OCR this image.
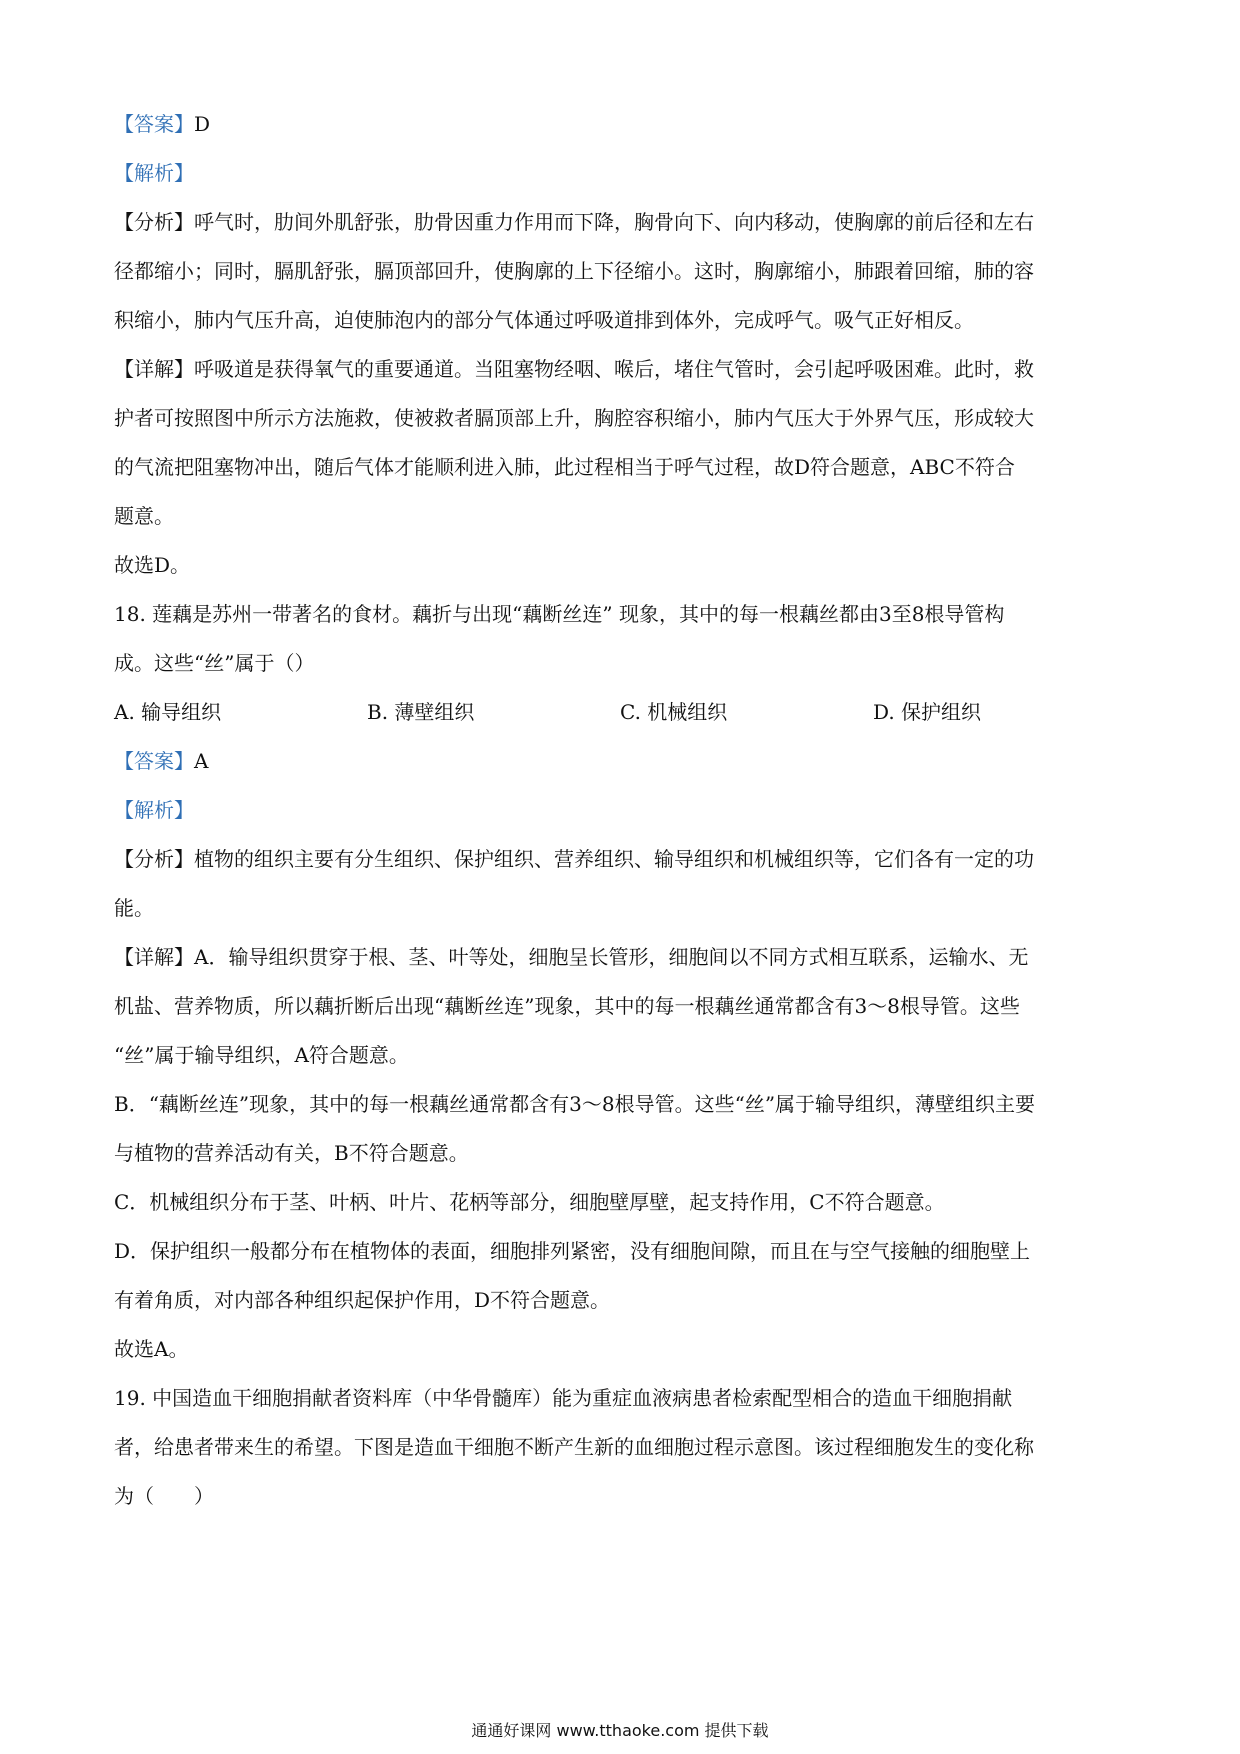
【答案】D

【解析】

【分析】呼气时，肋间外肌舒张，肋骨因重力作用而下降，胸骨向下、向内移动，使胸廓的前后径和左右

径都缩小；同时，膈肌舒张，膈顶部回升，使胸廓的上下径缩小。这时，胸廓缩小，肺跟着回缩，肺的容

积缩小，肺内气压升高，迫使肺泡内的部分气体通过呼吸道排到体外，完成呼气。吸气正好相反。

【详解】呼吸道是获得氧气的重要通道。当阻塞物经咽、喉后，堵住气管时，会引起呼吸困难。此时，救

护者可按照图中所示方法施救，使被救者膈顶部上升，胸腔容积缩小，肺内气压大于外界气压，形成较大

的气流把阻塞物冲出，随后气体才能顺利进入肺，此过程相当于呼气过程，故D符合题意，ABC不符合

题意。

故选D。

18. 莲藕是苏州一带著名的食材。藕折与出现“藕断丝连” 现象，其中的每一根藕丝都由3至8根导管构

成。这些“丝”属于（）

A. 输导组织	B. 薄壁组织	C. 机械组织	D. 保护组织

【答案】A

【解析】

【分析】植物的组织主要有分生组织、保护组织、营养组织、输导组织和机械组织等，它们各有一定的功

能。

【详解】A．输导组织贯穿于根、茎、叶等处，细胞呈长管形，细胞间以不同方式相互联系，运输水、无

机盐、营养物质，所以藕折断后出现“藕断丝连”现象，其中的每一根藕丝通常都含有3～8根导管。这些

“丝”属于输导组织，A符合题意。

B．“藕断丝连”现象，其中的每一根藕丝通常都含有3～8根导管。这些“丝”属于输导组织，薄壁组织主要

与植物的营养活动有关，B不符合题意。

C．机械组织分布于茎、叶柄、叶片、花柄等部分，细胞壁厚壁，起支持作用，C不符合题意。

D．保护组织一般都分布在植物体的表面，细胞排列紧密，没有细胞间隙，而且在与空气接触的细胞壁上

有着角质，对内部各种组织起保护作用，D不符合题意。

故选A。

19. 中国造血干细胞捐献者资料库（中华骨髓库）能为重症血液病患者检索配型相合的造血干细胞捐献

者，给患者带来生的希望。下图是造血干细胞不断产生新的血细胞过程示意图。该过程细胞发生的变化称

为（　　）

通通好课网 www.tthaoke.com 提供下载
